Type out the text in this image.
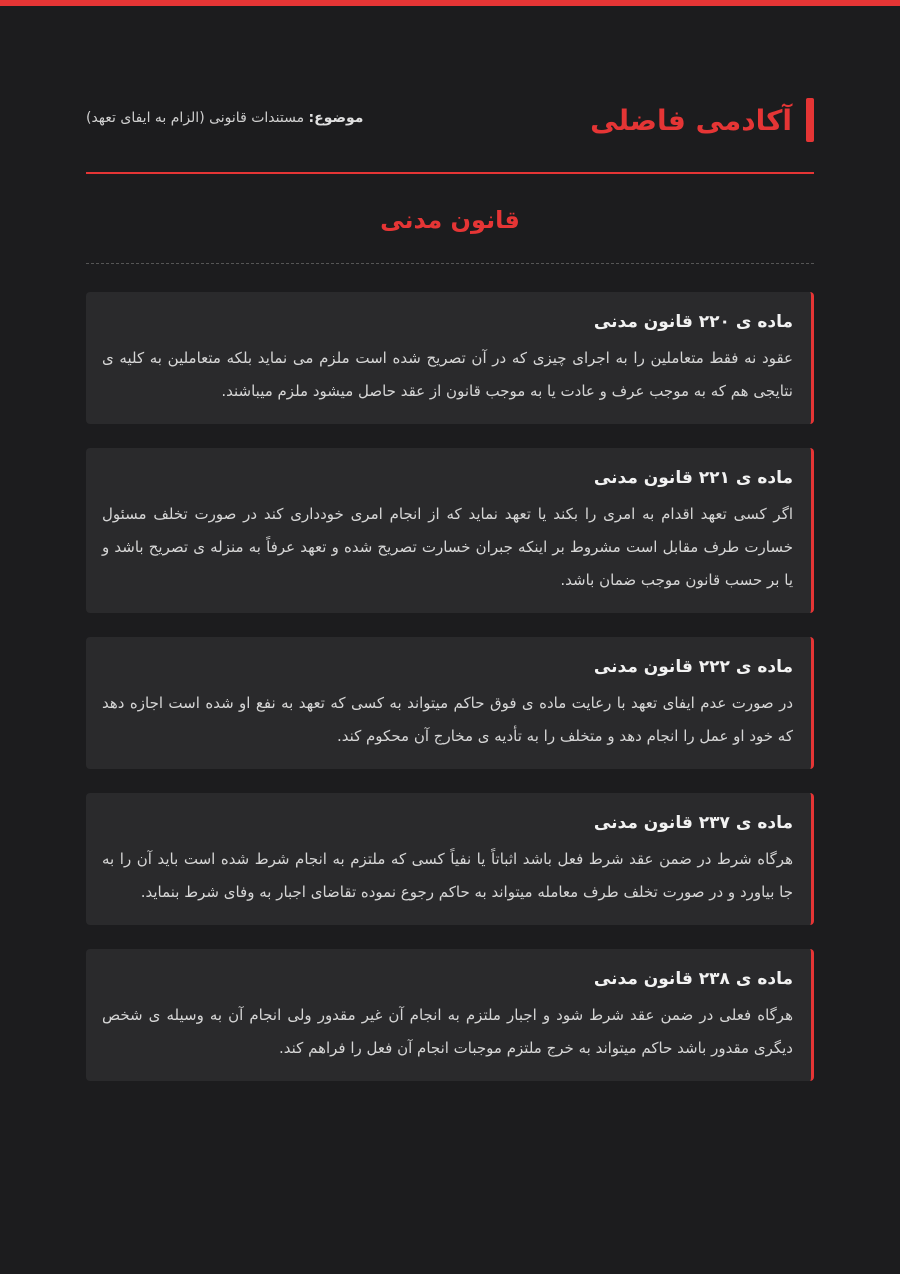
آکادمی فاضلی
موضوع: مستندات قانونی (الزام به ایفای تعهد)
قانون مدنی
ماده ی ۲۲۰ قانون مدنی

عقود نه فقط متعاملین را به اجرای چیزی که در آن تصریح شده است ملزم می نماید بلکه متعاملین به کلیه ی نتایجی هم که به موجب عرف و عادت یا به موجب قانون از عقد حاصل میشود ملزم میباشند.

ماده ی ۲۲۱ قانون مدنی

اگر کسی تعهد اقدام به امری را بکند یا تعهد نماید که از انجام امری خودداری کند در صورت تخلف مسئول خسارت طرف مقابل است مشروط بر اینکه جبران خسارت تصریح شده و تعهد عرفاً به منزله ی تصریح باشد و یا بر حسب قانون موجب ضمان باشد.

ماده ی ۲۲۲ قانون مدنی

در صورت عدم ایفای تعهد با رعایت ماده ی فوق حاکم میتواند به کسی که تعهد به نفع او شده است اجازه دهد که خود او عمل را انجام دهد و متخلف را به تأدیه ی مخارج آن محکوم کند.

ماده ی ۲۳۷ قانون مدنی

هرگاه شرط در ضمن عقد شرط فعل باشد اثباتاً یا نفیاً کسی که ملتزم به انجام شرط شده است باید آن را به جا بیاورد و در صورت تخلف طرف معامله میتواند به حاکم رجوع نموده تقاضای اجبار به وفای شرط بنماید.

ماده ی ۲۳۸ قانون مدنی

هرگاه فعلی در ضمن عقد شرط شود و اجبار ملتزم به انجام آن غیر مقدور ولی انجام آن به وسیله ی شخص دیگری مقدور باشد حاکم میتواند به خرج ملتزم موجبات انجام آن فعل را فراهم کند.
